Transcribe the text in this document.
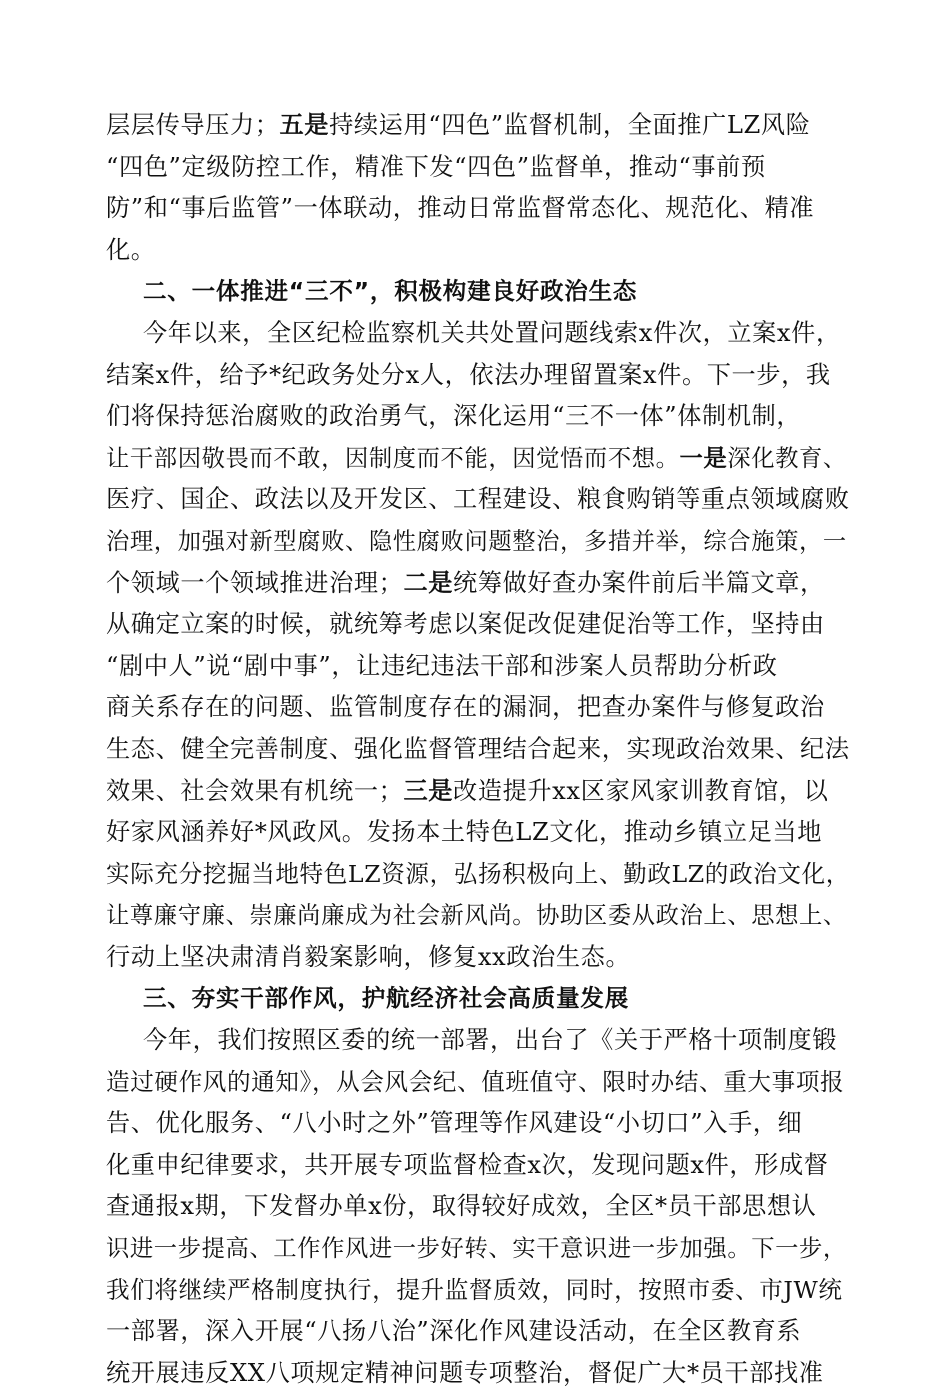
层层传导压力；五是持续运用“四色”监督机制，全面推广LZ风险
“四色”定级防控工作，精准下发“四色”监督单，推动“事前预
防”和“事后监管”一体联动，推动日常监督常态化、规范化、精准
化。
二、一体推进“三不”，积极构建良好政治生态
今年以来，全区纪检监察机关共处置问题线索x件次，立案x件，
结案x件，给予*纪政务处分x人，依法办理留置案x件。下一步，我
们将保持惩治腐败的政治勇气，深化运用“三不一体”体制机制，
让干部因敬畏而不敢，因制度而不能，因觉悟而不想。一是深化教育、
医疗、国企、政法以及开发区、工程建设、粮食购销等重点领域腐败
治理，加强对新型腐败、隐性腐败问题整治，多措并举，综合施策，一
个领域一个领域推进治理；二是统筹做好查办案件前后半篇文章，
从确定立案的时候，就统筹考虑以案促改促建促治等工作，坚持由
“剧中人”说“剧中事”，让违纪违法干部和涉案人员帮助分析政
商关系存在的问题、监管制度存在的漏洞，把查办案件与修复政治
生态、健全完善制度、强化监督管理结合起来，实现政治效果、纪法
效果、社会效果有机统一；三是改造提升xx区家风家训教育馆，以
好家风涵养好*风政风。发扬本土特色LZ文化，推动乡镇立足当地
实际充分挖掘当地特色LZ资源，弘扬积极向上、勤政LZ的政治文化，
让尊廉守廉、崇廉尚廉成为社会新风尚。协助区委从政治上、思想上、
行动上坚决肃清肖毅案影响，修复xx政治生态。
三、夯实干部作风，护航经济社会高质量发展
今年，我们按照区委的统一部署，出台了《关于严格十项制度锻
造过硬作风的通知》，从会风会纪、值班值守、限时办结、重大事项报
告、优化服务、“八小时之外”管理等作风建设“小切口”入手，细
化重申纪律要求，共开展专项监督检查x次，发现问题x件，形成督
查通报x期，下发督办单x份，取得较好成效，全区*员干部思想认
识进一步提高、工作作风进一步好转、实干意识进一步加强。下一步，
我们将继续严格制度执行，提升监督质效，同时，按照市委、市JW统
一部署，深入开展“八扬八治”深化作风建设活动，在全区教育系
统开展违反XX八项规定精神问题专项整治，督促广大*员干部找准
